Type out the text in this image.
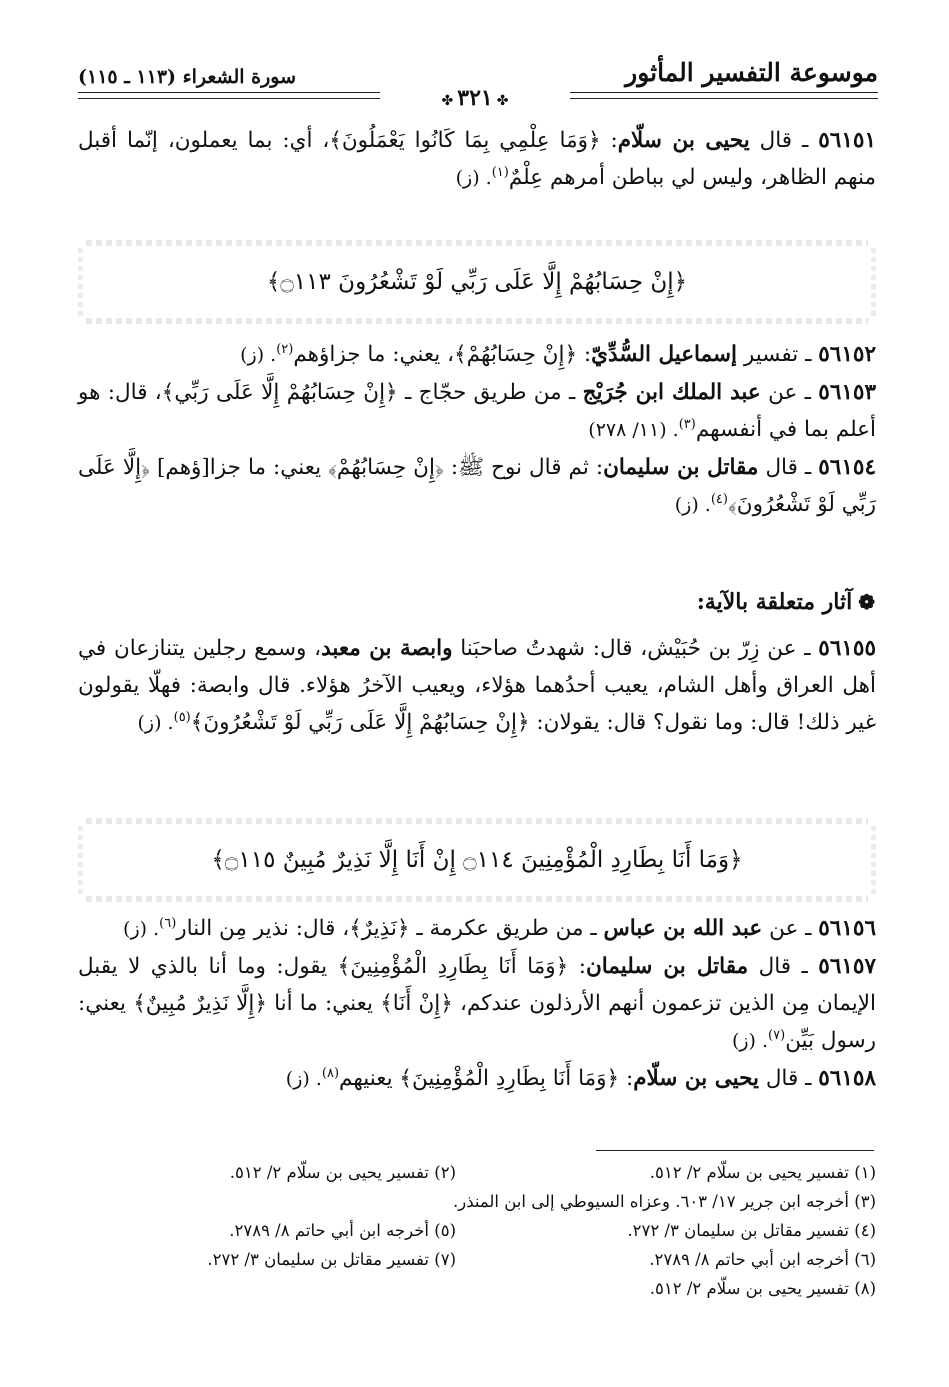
موسوعة التفسير المأثور
سورة الشعراء (١١٣ ـ ١١٥)
✤٣٢١✤

٥٦١٥١ ـ قال يحيى بن سلّام: ﴿وَمَا عِلْمِي بِمَا كَانُوا يَعْمَلُونَ﴾، أي: بما يعملون، إنّما أقبل منهم الظاهر، وليس لي بباطن أمرهم عِلْمٌ$^{(١)}$. (ز)

﴿إِنْ حِسَابُهُمْ إِلَّا عَلَى رَبِّي لَوْ تَشْعُرُونَ ۝١١٣﴾

٥٦١٥٢ ـ تفسير إسماعيل السُّدِّيّ: ﴿إِنْ حِسَابُهُمْ﴾، يعني: ما جزاؤهم$^{(٢)}$. (ز)

٥٦١٥٣ ـ عن عبد الملك ابن جُرَيْج ـ من طريق حجّاج ـ ﴿إِنْ حِسَابُهُمْ إِلَّا عَلَى رَبِّي﴾، قال: هو أعلم بما في أنفسهم$^{(٣)}$. (١١/ ٢٧٨)

٥٦١٥٤ ـ قال مقاتل بن سليمان: ثم قال نوح ﷺ: ﴿إِنْ حِسَابُهُمْ﴾ يعني: ما جزا[ؤهم] ﴿إِلَّا عَلَى رَبِّي لَوْ تَشْعُرُونَ﴾$^{(٤)}$. (ز)

❁آثار متعلقة بالآية:

٥٦١٥٥ ـ عن زِرّ بن حُبَيْش، قال: شهدتُ صاحبَنا وابصة بن معبد، وسمع رجلين يتنازعان في أهل العراق وأهل الشام، يعيب أحدُهما هؤلاء، ويعيب الآخرُ هؤلاء. قال وابصة: فهلّا يقولون غير ذلك! قال: وما نقول؟ قال: يقولان: ﴿إِنْ حِسَابُهُمْ إِلَّا عَلَى رَبِّي لَوْ تَشْعُرُونَ﴾$^{(٥)}$. (ز)

﴿وَمَا أَنَا بِطَارِدِ الْمُؤْمِنِينَ ۝١١٤ إِنْ أَنَا إِلَّا نَذِيرٌ مُبِينٌ ۝١١٥﴾

٥٦١٥٦ ـ عن عبد الله بن عباس ـ من طريق عكرمة ـ ﴿نَذِيرٌ﴾، قال: نذير مِن النار$^{(٦)}$. (ز)

٥٦١٥٧ ـ قال مقاتل بن سليمان: ﴿وَمَا أَنَا بِطَارِدِ الْمُؤْمِنِينَ﴾ يقول: وما أنا بالذي لا يقبل الإيمان مِن الذين تزعمون أنهم الأرذلون عندكم، ﴿إِنْ أَنَا﴾ يعني: ما أنا ﴿إِلَّا نَذِيرٌ مُبِينٌ﴾ يعني: رسول بَيِّن$^{(٧)}$. (ز)

٥٦١٥٨ ـ قال يحيى بن سلّام: ﴿وَمَا أَنَا بِطَارِدِ الْمُؤْمِنِينَ﴾ يعنيهم$^{(٨)}$. (ز)

(١) تفسير يحيى بن سلّام ٢/ ٥١٢.
(٢) تفسير يحيى بن سلّام ٢/ ٥١٢.
(٣) أخرجه ابن جرير ١٧/ ٦٠٣. وعزاه السيوطي إلى ابن المنذر.
(٤) تفسير مقاتل بن سليمان ٣/ ٢٧٢.
(٥) أخرجه ابن أبي حاتم ٨/ ٢٧٨٩.
(٦) أخرجه ابن أبي حاتم ٨/ ٢٧٨٩.
(٧) تفسير مقاتل بن سليمان ٣/ ٢٧٢.
(٨) تفسير يحيى بن سلّام ٢/ ٥١٢.
